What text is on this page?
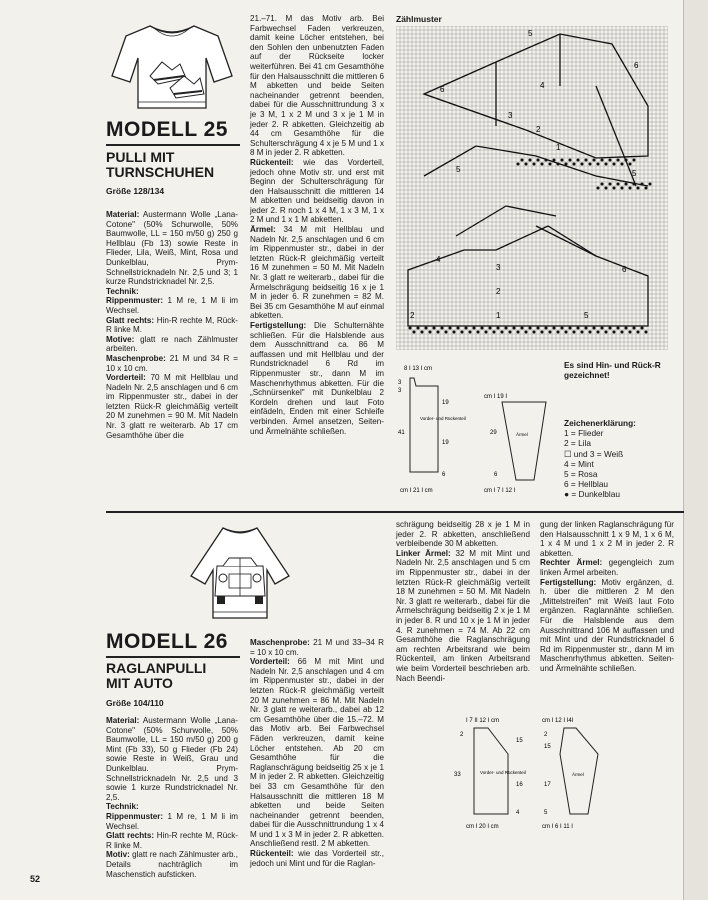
MODELL 25
PULLI MIT
TURNSCHUHEN
Größe 128/134

Material: Austermann Wolle „Lana-Cotone" (50% Schurwolle, 50% Baumwolle, LL = 150 m/50 g) 250 g Hellblau (Fb 13) sowie Reste in Flieder, Lila, Weiß, Mint, Rosa und Dunkelblau, Prym-Schnellstricknadeln Nr. 2,5 und 3; 1 kurze Rundstricknadel Nr. 2,5.

Technik:

Rippenmuster: 1 M re, 1 M li im Wechsel.

Glatt rechts: Hin-R rechte M, Rück-R linke M.

Motive: glatt re nach Zählmuster arbeiten.

Maschenprobe: 21 M und 34 R = 10 x 10 cm.

Vorderteil: 70 M mit Hellblau und Nadeln Nr. 2,5 anschlagen und 6 cm im Rippenmuster str., dabei in der letzten Rück-R gleichmäßig verteilt 20 M zunehmen = 90 M. Mit Nadeln Nr. 3 glatt re weiterarb. Ab 17 cm Gesamthöhe über die

21.–71. M das Motiv arb. Bei Farbwechsel Faden verkreuzen, damit keine Löcher entstehen, bei den Sohlen den unbenutzten Faden auf der Rückseite locker weiterführen. Bei 41 cm Gesamthöhe für den Halsausschnitt die mittleren 6 M abketten und beide Seiten nacheinander getrennt beenden, dabei für die Ausschnittrundung 3 x je 3 M, 1 x 2 M und 3 x je 1 M in jeder 2. R abketten. Gleichzeitig ab 44 cm Gesamthöhe für die Schulterschrägung 4 x je 5 M und 1 x 8 M in jeder 2. R abketten.

Rückenteil: wie das Vorderteil, jedoch ohne Motiv str. und erst mit Beginn der Schulterschrägung für den Halsausschnitt die mittleren 14 M abketten und beidseitig davon in jeder 2. R noch 1 x 4 M, 1 x 3 M, 1 x 2 M und 1 x 1 M abketten.

Ärmel: 34 M mit Hellblau und Nadeln Nr. 2,5 anschlagen und 6 cm im Rippenmuster str., dabei in der letzten Rück-R gleichmäßig verteilt 16 M zunehmen = 50 M. Mit Nadeln Nr. 3 glatt re weiterarb., dabei für die Ärmelschrägung beidseitig 16 x je 1 M in jeder 6. R zunehmen = 82 M. Bei 35 cm Gesamthöhe M auf einmal abketten.

Fertigstellung: Die Schulternähte schließen. Für die Halsblende aus dem Ausschnittrand ca. 86 M auffassen und mit Hellblau und der Rundstricknadel 6 Rd im Rippenmuster str., dann M im Maschenrhythmus abketten. Für die „Schnürsenkel" mit Dunkelblau 2 Kordeln drehen und laut Foto einfädeln, Enden mit einer Schleife verbinden. Ärmel ansetzen, Seiten- und Ärmelnähte schließen.

Zählmuster
5
6
6	4
3
2
1
5	5
4
6
3
2
2	1	5
Es sind Hin- und Rück-R gezeichnet!
Zeichenerklärung:
1 = Flieder
2 = Lila
☐ und 3 = Weiß
4 = Mint
5 = Rosa
6 = Hellblau
● = Dunkelblau
8 I 13 I cm
3
3
19
41
19
6
cm I 21 I cm
Vorder- und Rückenteil
cm I 19 I
29
6
cm I 7 I 12 I
Ärmel
MODELL 26
RAGLANPULLI
MIT AUTO
Größe 104/110

Material: Austermann Wolle „Lana-Cotone" (50% Schurwolle, 50% Baumwolle, LL = 150 m/50 g) 200 g Mint (Fb 33), 50 g Flieder (Fb 24) sowie Reste in Weiß, Grau und Dunkelblau. Prym-Schnellstricknadeln Nr. 2,5 und 3 sowie 1 kurze Rundstricknadel Nr. 2,5.

Technik:

Rippenmuster: 1 M re, 1 M li im Wechsel.

Glatt rechts: Hin-R rechte M, Rück-R linke M.

Motiv: glatt re nach Zählmuster arb., Details nachträglich im Maschenstich aufsticken.

Maschenprobe: 21 M und 33–34 R = 10 x 10 cm.

Vorderteil: 66 M mit Mint und Nadeln Nr. 2,5 anschlagen und 4 cm im Rippenmuster str., dabei in der letzten Rück-R gleichmäßig verteilt 20 M zunehmen = 86 M. Mit Nadeln Nr. 3 glatt re weiterarb., dabei ab 12 cm Gesamthöhe über die 15.–72. M das Motiv arb. Bei Farbwechsel Fäden verkreuzen, damit keine Löcher entstehen. Ab 20 cm Gesamthöhe für die Raglanschrägung beidseitig 25 x je 1 M in jeder 2. R abketten. Gleichzeitig bei 33 cm Gesamthöhe für den Halsausschnitt die mittleren 18 M abketten und beide Seiten nacheinander getrennt beenden, dabei für die Ausschnittrundung 1 x 4 M und 1 x 3 M in jeder 2. R abketten. Anschließend restl. 2 M abketten.

Rückenteil: wie das Vorderteil str., jedoch uni Mint und für die Raglan-

schrägung beidseitig 28 x je 1 M in jeder 2. R abketten, anschließend verbleibende 30 M abketten.

Linker Ärmel: 32 M mit Mint und Nadeln Nr. 2,5 anschlagen und 5 cm im Rippenmuster str., dabei in der letzten Rück-R gleichmäßig verteilt 18 M zunehmen = 50 M. Mit Nadeln Nr. 3 glatt re weiterarb., dabei für die Ärmelschrägung beidseitig 2 x je 1 M in jeder 8. R und 10 x je 1 M in jeder 4. R zunehmen = 74 M. Ab 22 cm Gesamthöhe die Raglanschrägung am rechten Arbeitsrand wie beim Rückenteil, am linken Arbeitsrand wie beim Vorderteil beschrieben arb. Nach Beendi-

gung der linken Raglanschrägung für den Halsausschnitt 1 x 9 M, 1 x 6 M, 1 x 4 M und 1 x 2 M in jeder 2. R abketten.

Rechter Ärmel: gegengleich zum linken Ärmel arbeiten.

Fertigstellung: Motiv ergänzen, d. h. über die mittleren 2 M den „Mittelstreifen" mit Weiß laut Foto ergänzen. Raglannähte schließen. Für die Halsblende aus dem Ausschnittrand 106 M auffassen und mit Mint und der Rundstricknadel 6 Rd im Rippenmuster str., dann M im Maschenrhythmus abketten. Seiten- und Ärmelnähte schließen.

I 7 II 12 I cm
2
15
33
16
4
cm I 20 I cm
Vorder- und Rückenteil
cm I 12 I I4I
2
15
17
5
cm I 6 I 11 I
Ärmel
52
